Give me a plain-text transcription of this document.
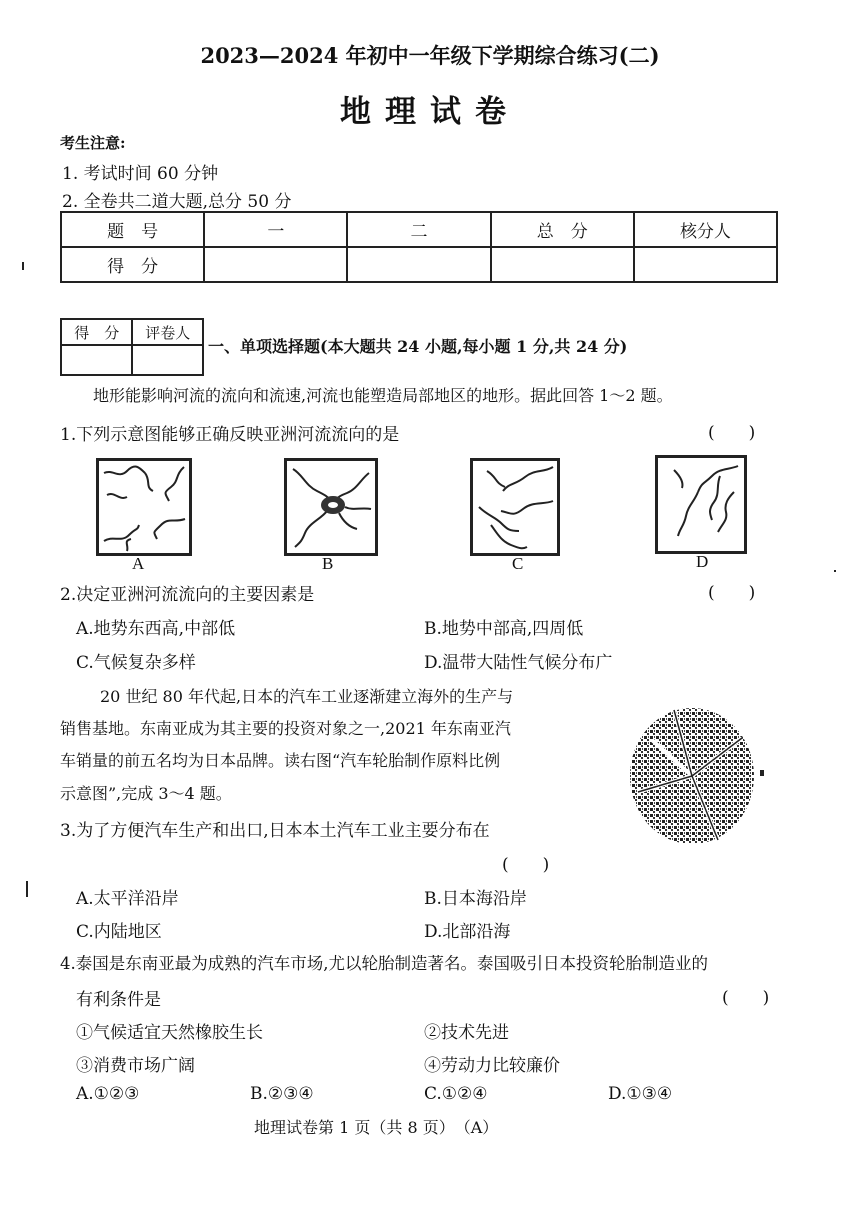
2023—2024 年初中一年级下学期综合练习(二)
地理试卷
考生注意:
1. 考试时间 60 分钟
2. 全卷共二道大题,总分 50 分
题　号	一	二	总　分	核分人
得　分				
得　分	评卷人

一、单项选择题(本大题共 24 小题,每小题 1 分,共 24 分)
地形能影响河流的流向和流速,河流也能塑造局部地区的地形。据此回答 1～2 题。
1.下列示意图能够正确反映亚洲河流流向的是	(　　)
A	B	C	D
2.决定亚洲河流流向的主要因素是	(　　)
A.地势东西高,中部低	B.地势中部高,四周低
C.气候复杂多样	D.温带大陆性气候分布广
20 世纪 80 年代起,日本的汽车工业逐渐建立海外的生产与
销售基地。东南亚成为其主要的投资对象之一,2021 年东南亚汽
车销量的前五名均为日本品牌。读右图“汽车轮胎制作原料比例
示意图”,完成 3～4 题。
3.为了方便汽车生产和出口,日本本土汽车工业主要分布在
(　　)
A.太平洋沿岸	B.日本海沿岸
C.内陆地区	D.北部沿海
4.泰国是东南亚最为成熟的汽车市场,尤以轮胎制造著名。泰国吸引日本投资轮胎制造业的
有利条件是	(　　)
①气候适宜天然橡胶生长	②技术先进
③消费市场广阔	④劳动力比较廉价
A.①②③	B.②③④	C.①②④	D.①③④
地理试卷第 1 页（共 8 页）　（A）
